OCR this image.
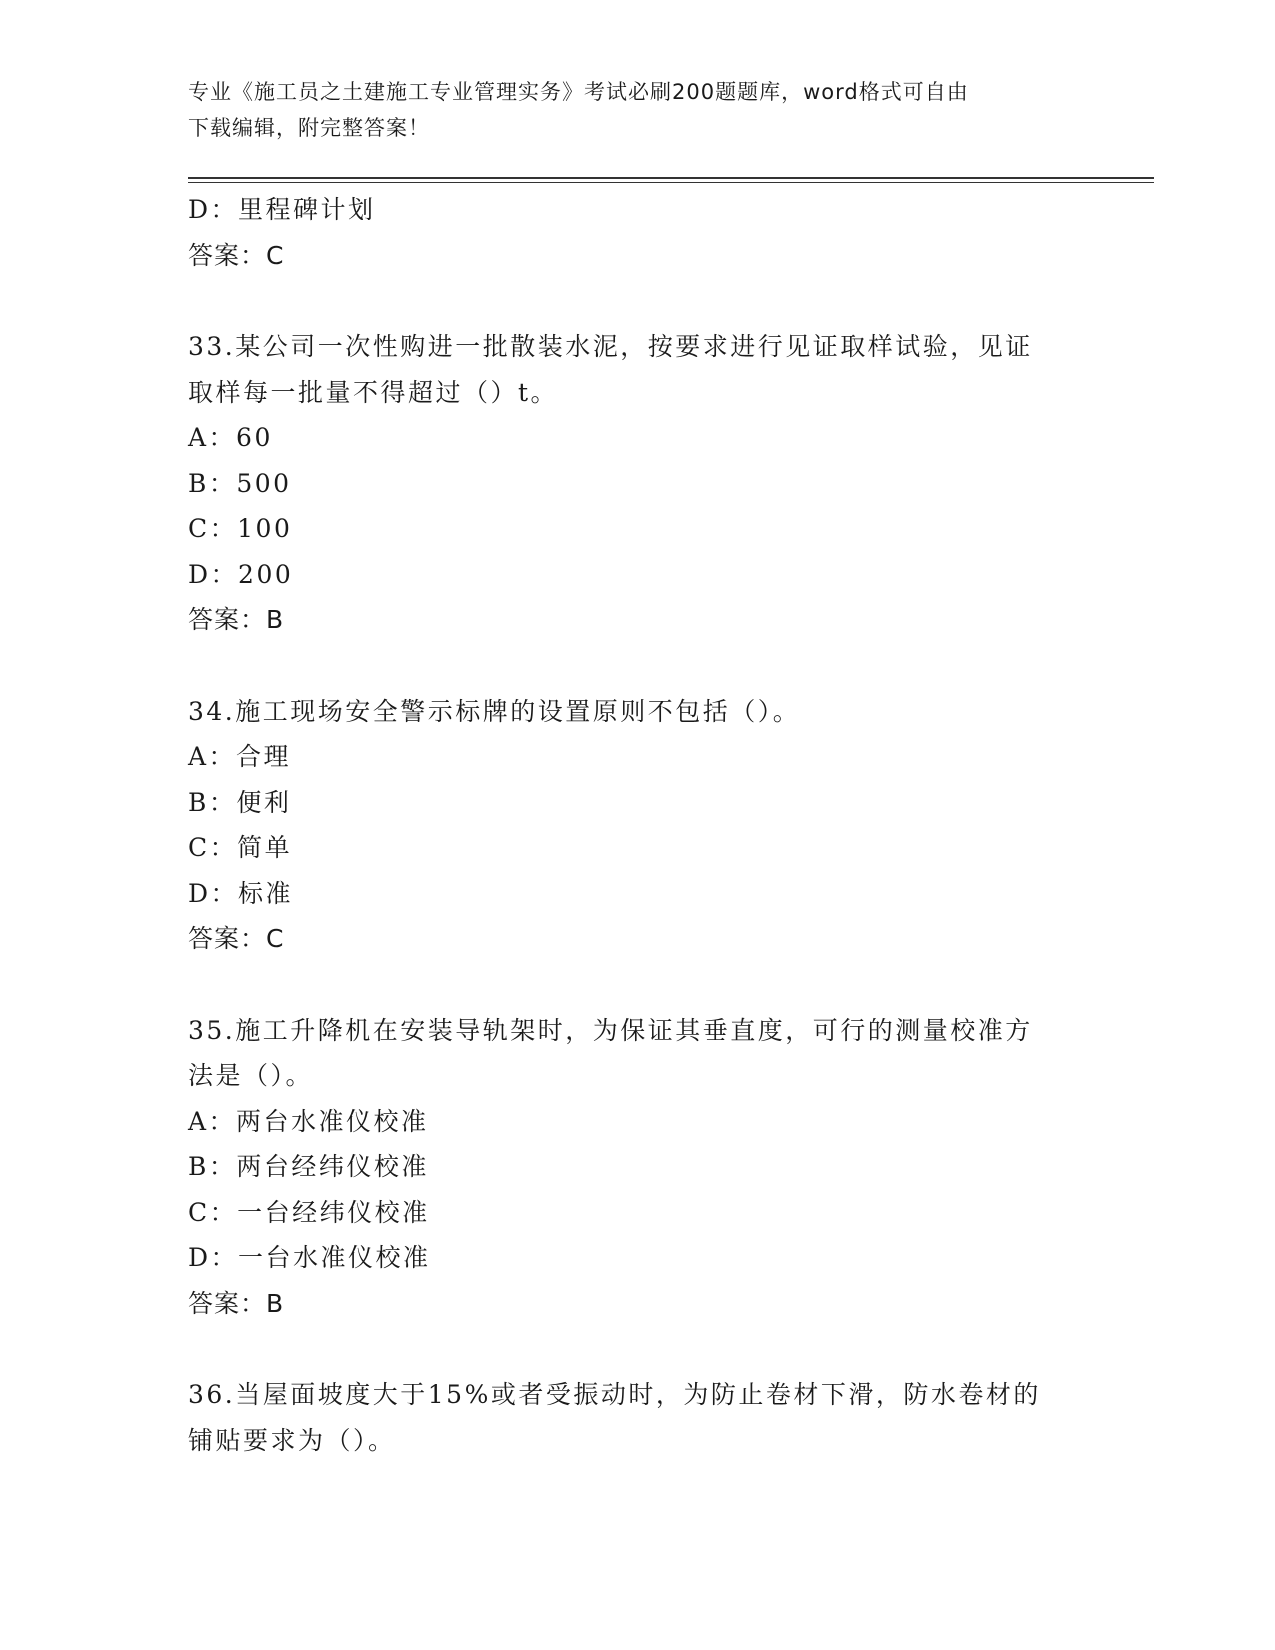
专业《施工员之土建施工专业管理实务》考试必刷200题题库，word格式可自由
下载编辑，附完整答案！
D：里程碑计划
答案：C
33.某公司一次性购进一批散装水泥，按要求进行见证取样试验，见证
取样每一批量不得超过（）t。
A：60
B：500
C：100
D：200
答案：B
34.施工现场安全警示标牌的设置原则不包括（）。
A：合理
B：便利
C：简单
D：标准
答案：C
35.施工升降机在安装导轨架时，为保证其垂直度，可行的测量校准方
法是（）。
A：两台水准仪校准
B：两台经纬仪校准
C：一台经纬仪校准
D：一台水准仪校准
答案：B
36.当屋面坡度大于15%或者受振动时，为防止卷材下滑，防水卷材的
铺贴要求为（）。
